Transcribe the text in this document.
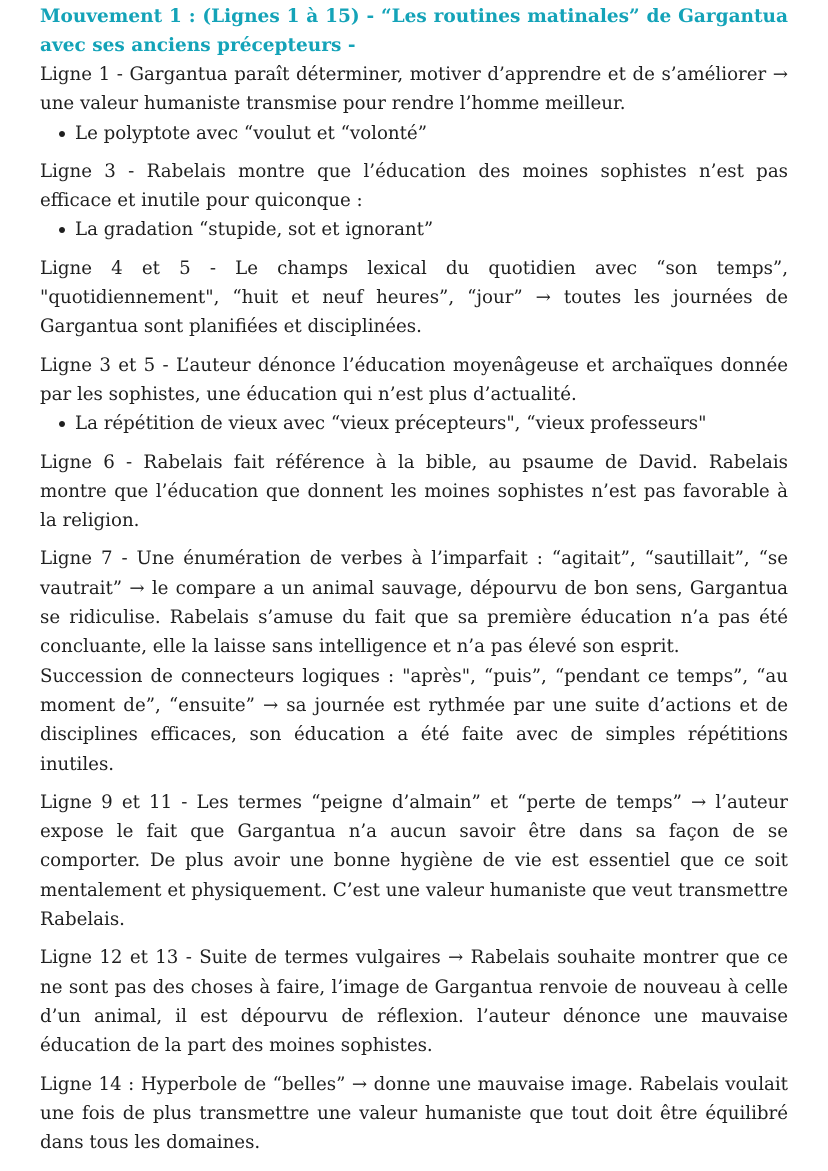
Mouvement 1 : (Lignes 1 à 15) - “Les routines matinales” de Gargantua avec ses anciens précepteurs -

Ligne 1 - Gargantua paraît déterminer, motiver d’apprendre et de s’améliorer → une valeur humaniste transmise pour rendre l’homme meilleur.

Le polyptote avec “voulut et “volonté”

Ligne 3 - Rabelais montre que l’éducation des moines sophistes n’est pas efficace et inutile pour quiconque :

La gradation “stupide, sot et ignorant”

Ligne 4 et 5 - Le champs lexical du quotidien avec “son temps”, "quotidiennement", “huit et neuf heures”, “jour” → toutes les journées de Gargantua sont planifiées et disciplinées.

Ligne 3 et 5 - L’auteur dénonce l’éducation moyenâgeuse et archaïques donnée par les sophistes, une éducation qui n’est plus d’actualité.

La répétition de vieux avec “vieux précepteurs", “vieux professeurs"

Ligne 6 - Rabelais fait référence à la bible, au psaume de David. Rabelais montre que l’éducation que donnent les moines sophistes n’est pas favorable à la religion.

Ligne 7 - Une énumération de verbes à l’imparfait : “agitait”, “sautillait”, “se vautrait” → le compare a un animal sauvage, dépourvu de bon sens, Gargantua se ridiculise. Rabelais s’amuse du fait que sa première éducation n’a pas été concluante, elle la laisse sans intelligence et n’a pas élevé son esprit.

Succession de connecteurs logiques : "après", “puis”, “pendant ce temps”, “au moment de”, “ensuite” → sa journée est rythmée par une suite d’actions et de disciplines efficaces, son éducation a été faite avec de simples répétitions inutiles.

Ligne 9 et 11 - Les termes “peigne d’almain” et “perte de temps” → l’auteur expose le fait que Gargantua n’a aucun savoir être dans sa façon de se comporter. De plus avoir une bonne hygiène de vie est essentiel que ce soit mentalement et physiquement. C’est une valeur humaniste que veut transmettre Rabelais.

Ligne 12 et 13 - Suite de termes vulgaires → Rabelais souhaite montrer que ce ne sont pas des choses à faire, l’image de Gargantua renvoie de nouveau à celle d’un animal, il est dépourvu de réflexion. l’auteur dénonce une mauvaise éducation de la part des moines sophistes.

Ligne 14 : Hyperbole de “belles” → donne une mauvaise image. Rabelais voulait une fois de plus transmettre une valeur humaniste que tout doit être équilibré dans tous les domaines.
